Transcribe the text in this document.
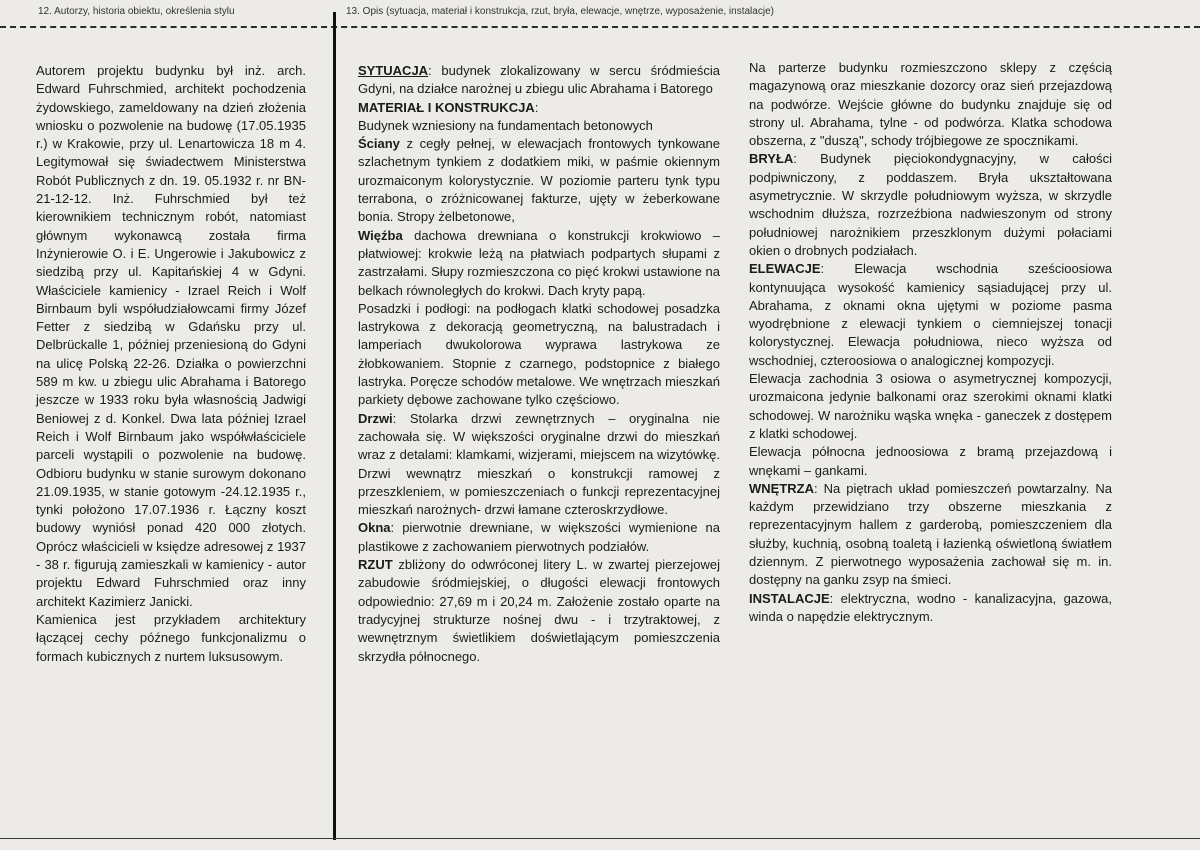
12. Autorzy, historia obiektu, określenia stylu	13. Opis (sytuacja, materiał i konstrukcja, rzut, bryła, elewacje, wnętrze, wyposażenie, instalacje)

Autorem projektu budynku był inż. arch. Edward Fuhrschmied, architekt pochodzenia żydowskiego, zameldowany na dzień złożenia wniosku o pozwolenie na budowę (17.05.1935 r.) w Krakowie, przy ul. Lenartowicza 18 m 4. Legitymował się świadectwem Ministerstwa Robót Publicznych z dn. 19. 05.1932 r. nr BN-21-12-12. Inż. Fuhrschmied był też kierownikiem technicznym robót, natomiast głównym wykonawcą została firma Inżynierowie O. i E. Ungerowie i Jakubowicz z siedzibą przy ul. Kapitańskiej 4 w Gdyni. Właściciele kamienicy - Izrael Reich i Wolf Birnbaum byli współudziałowcami firmy Józef Fetter z siedzibą w Gdańsku przy ul. Delbrückalle 1, później przeniesioną do Gdyni na ulicę Polską 22-26. Działka o powierzchni 589 m kw. u zbiegu ulic Abrahama i Batorego jeszcze w 1933 roku była własnością Jadwigi Beniowej z d. Konkel. Dwa lata później Izrael Reich i Wolf Birnbaum jako współwłaściciele parceli wystąpili o pozwolenie na budowę. Odbioru budynku w stanie surowym dokonano 21.09.1935, w stanie gotowym -24.12.1935 r., tynki położono 17.07.1936 r. Łączny koszt budowy wyniósł ponad 420 000 złotych. Oprócz właścicieli w księdze adresowej z 1937 - 38 r. figurują zamieszkali w kamienicy - autor projektu Edward Fuhrschmied oraz inny architekt Kazimierz Janicki.

Kamienica jest przykładem architektury łączącej cechy późnego funkcjonalizmu o formach kubicznych z nurtem luksusowym.

SYTUACJA: budynek zlokalizowany w sercu śródmieścia Gdyni, na działce narożnej u zbiegu ulic Abrahama i Batorego

MATERIAŁ I KONSTRUKCJA:

Budynek wzniesiony na fundamentach betonowych

Ściany z cegły pełnej, w elewacjach frontowych tynkowane szlachetnym tynkiem z dodatkiem miki, w paśmie okiennym urozmaiconym kolorystycznie. W poziomie parteru tynk typu terrabona, o zróżnicowanej fakturze, ujęty w żeberkowane bonia. Stropy żelbetonowe,

Więźba dachowa drewniana o konstrukcji krokwiowo – płatwiowej: krokwie leżą na płatwiach podpartych słupami z zastrzałami. Słupy rozmieszczona co pięć krokwi ustawione na belkach równoległych do krokwi. Dach kryty papą.

Posadzki i podłogi: na podłogach klatki schodowej posadzka lastrykowa z dekoracją geometryczną, na balustradach i lamperiach dwukolorowa wyprawa lastrykowa ze żłobkowaniem. Stopnie z czarnego, podstopnice z białego lastryka. Poręcze schodów metalowe. We wnętrzach mieszkań parkiety dębowe zachowane tylko częściowo.

Drzwi: Stolarka drzwi zewnętrznych – oryginalna nie zachowała się. W większości oryginalne drzwi do mieszkań wraz z detalami: klamkami, wizjerami, miejscem na wizytówkę. Drzwi wewnątrz mieszkań o konstrukcji ramowej z przeszkleniem, w pomieszczeniach o funkcji reprezentacyjnej mieszkań narożnych- drzwi łamane czteroskrzydłowe.

Okna: pierwotnie drewniane, w większości wymienione na plastikowe z zachowaniem pierwotnych podziałów.

RZUT zbliżony do odwróconej litery L. w zwartej pierzejowej zabudowie śródmiejskiej, o długości elewacji frontowych odpowiednio: 27,69 m i 20,24 m. Założenie zostało oparte na tradycyjnej strukturze nośnej dwu - i trzytraktowej, z wewnętrznym świetlikiem doświetlającym pomieszczenia skrzydła północnego.

Na parterze budynku rozmieszczono sklepy z częścią magazynową oraz mieszkanie dozorcy oraz sień przejazdową na podwórze. Wejście główne do budynku znajduje się od strony ul. Abrahama, tylne - od podwórza. Klatka schodowa obszerna, z "duszą", schody trójbiegowe ze spocznikami.

BRYŁA: Budynek pięciokondygnacyjny, w całości podpiwniczony, z poddaszem. Bryła ukształtowana asymetrycznie. W skrzydle południowym wyższa, w skrzydle wschodnim dłuższa, rozrzeźbiona nadwieszonym od strony południowej narożnikiem przeszklonym dużymi połaciami okien o drobnych podziałach.

ELEWACJE: Elewacja wschodnia sześcioosiowa kontynuująca wysokość kamienicy sąsiadującej przy ul. Abrahama, z oknami okna ujętymi w poziome pasma wyodrębnione z elewacji tynkiem o ciemniejszej tonacji kolorystycznej. Elewacja południowa, nieco wyższa od wschodniej, czteroosiowa o analogicznej kompozycji.

Elewacja zachodnia 3 osiowa o asymetrycznej kompozycji, urozmaicona jedynie balkonami oraz szerokimi oknami klatki schodowej. W narożniku wąska wnęka - ganeczek z dostępem z klatki schodowej.

Elewacja północna jednoosiowa z bramą przejazdową i wnękami – gankami.

WNĘTRZA: Na piętrach układ pomieszczeń powtarzalny. Na każdym przewidziano trzy obszerne mieszkania z reprezentacyjnym hallem z garderobą, pomieszczeniem dla służby, kuchnią, osobną toaletą i łazienką oświetloną światłem dziennym. Z pierwotnego wyposażenia zachował się m. in. dostępny na ganku zsyp na śmieci.

INSTALACJE: elektryczna, wodno - kanalizacyjna, gazowa, winda o napędzie elektrycznym.
